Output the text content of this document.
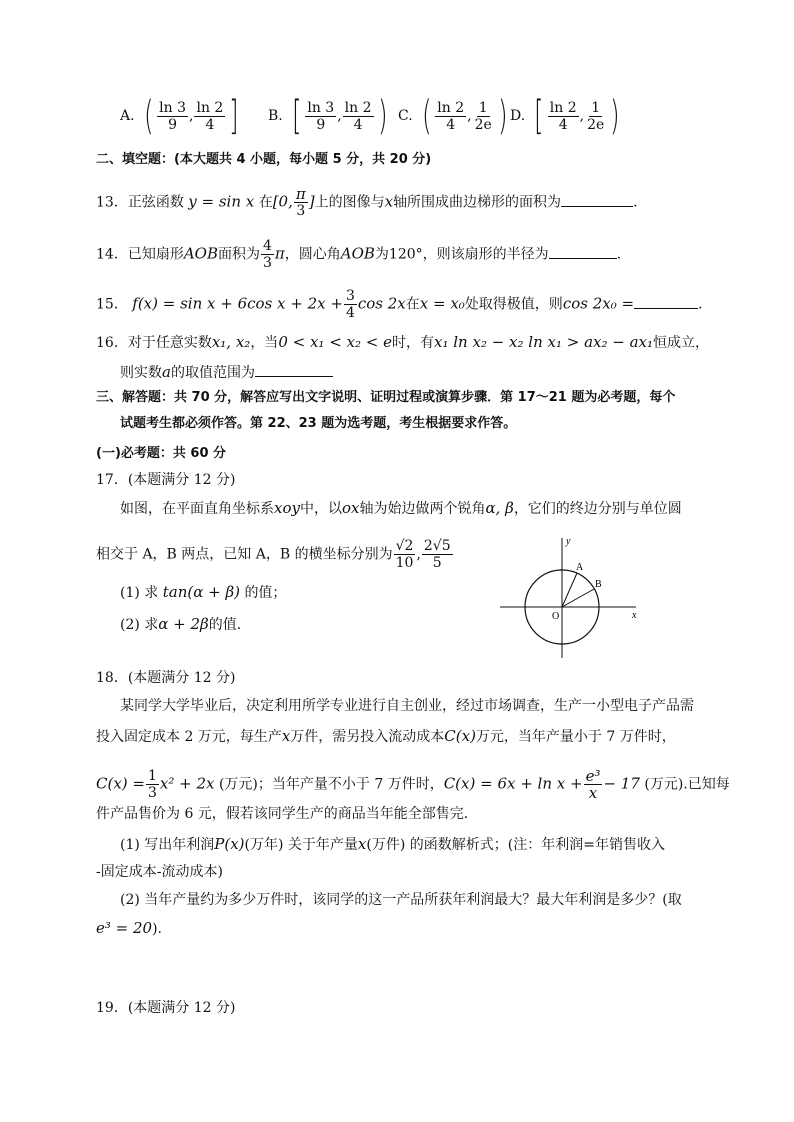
A. ( $\frac{\ln 3}{9}$ , $\frac{\ln 2}{4}$ ] B. [ $\frac{\ln 3}{9}$ , $\frac{\ln 2}{4}$ ) C. ( $\frac{\ln 2}{4}$ , $\frac{1}{2e}$ ) D. [ $\frac{\ln 2}{4}$ , $\frac{1}{2e}$ )
二、填空题：(本大题共 4 小题，每小题 5 分，共 20 分)
13．正弦函数 y = sin x 在[0, $\frac{\pi}{3}$ ]上的图像与x轴所围成曲边梯形的面积为	.
14．已知扇形AOB面积为 $\frac{4}{3}$ π，圆心角AOB为120°，则该扇形的半径为	.
15． f(x) = sin x + 6cos $x + 2x + \frac{3}{4}$ cos 2x在x = x₀处取得极值，则cos 2x₀ =	.
16．对于任意实数x₁, x₂，当0 < x₁ < x₂ < e时，有x₁ ln x₂ − x₂ ln x₁ > ax₂ − ax₁恒成立，
则实数a的取值范围为
三、解答题：共 70 分，解答应写出文字说明、证明过程或演算步骤．第 17～21 题为必考题，每个
试题考生都必须作答。第 22、23 题为选考题，考生根据要求作答。
(一)必考题：共 60 分
17．(本题满分 12 分)
如图，在平面直角坐标系xoy中，以ox轴为始边做两个锐角α, β，它们的终边分别与单位圆
相交于 A，B 两点，已知 A，B 的横坐标分别为 $\frac{√2}{10}$ , $\frac{2√5}{5}$
(1) 求 tan(α + β) 的值；
(2) 求α + 2β的值.
y
x
O
A
B
18．(本题满分 12 分)
某同学大学毕业后，决定利用所学专业进行自主创业，经过市场调查，生产一小型电子产品需
投入固定成本 2 万元，每生产x万件，需另投入流动成本C(x)万元，当年产量小于 7 万件时，
$C(x) = \frac{1}{3} x^2 + 2x$ (万元)；当年产量不小于 7 万件时，$C(x) = 6x + \ln x + \frac{\text{e³}}{x} - 17$ (万元).已知每
件产品售价为 6 元，假若该同学生产的商品当年能全部售完.
(1) 写出年利润P(x)(万年) 关于年产量x(万件) 的函数解析式；(注：年利润=年销售收入
-固定成本-流动成本)
(2) 当年产量约为多少万件时，该同学的这一产品所获年利润最大？最大年利润是多少？(取
e³ = 20).
19．(本题满分 12 分)
